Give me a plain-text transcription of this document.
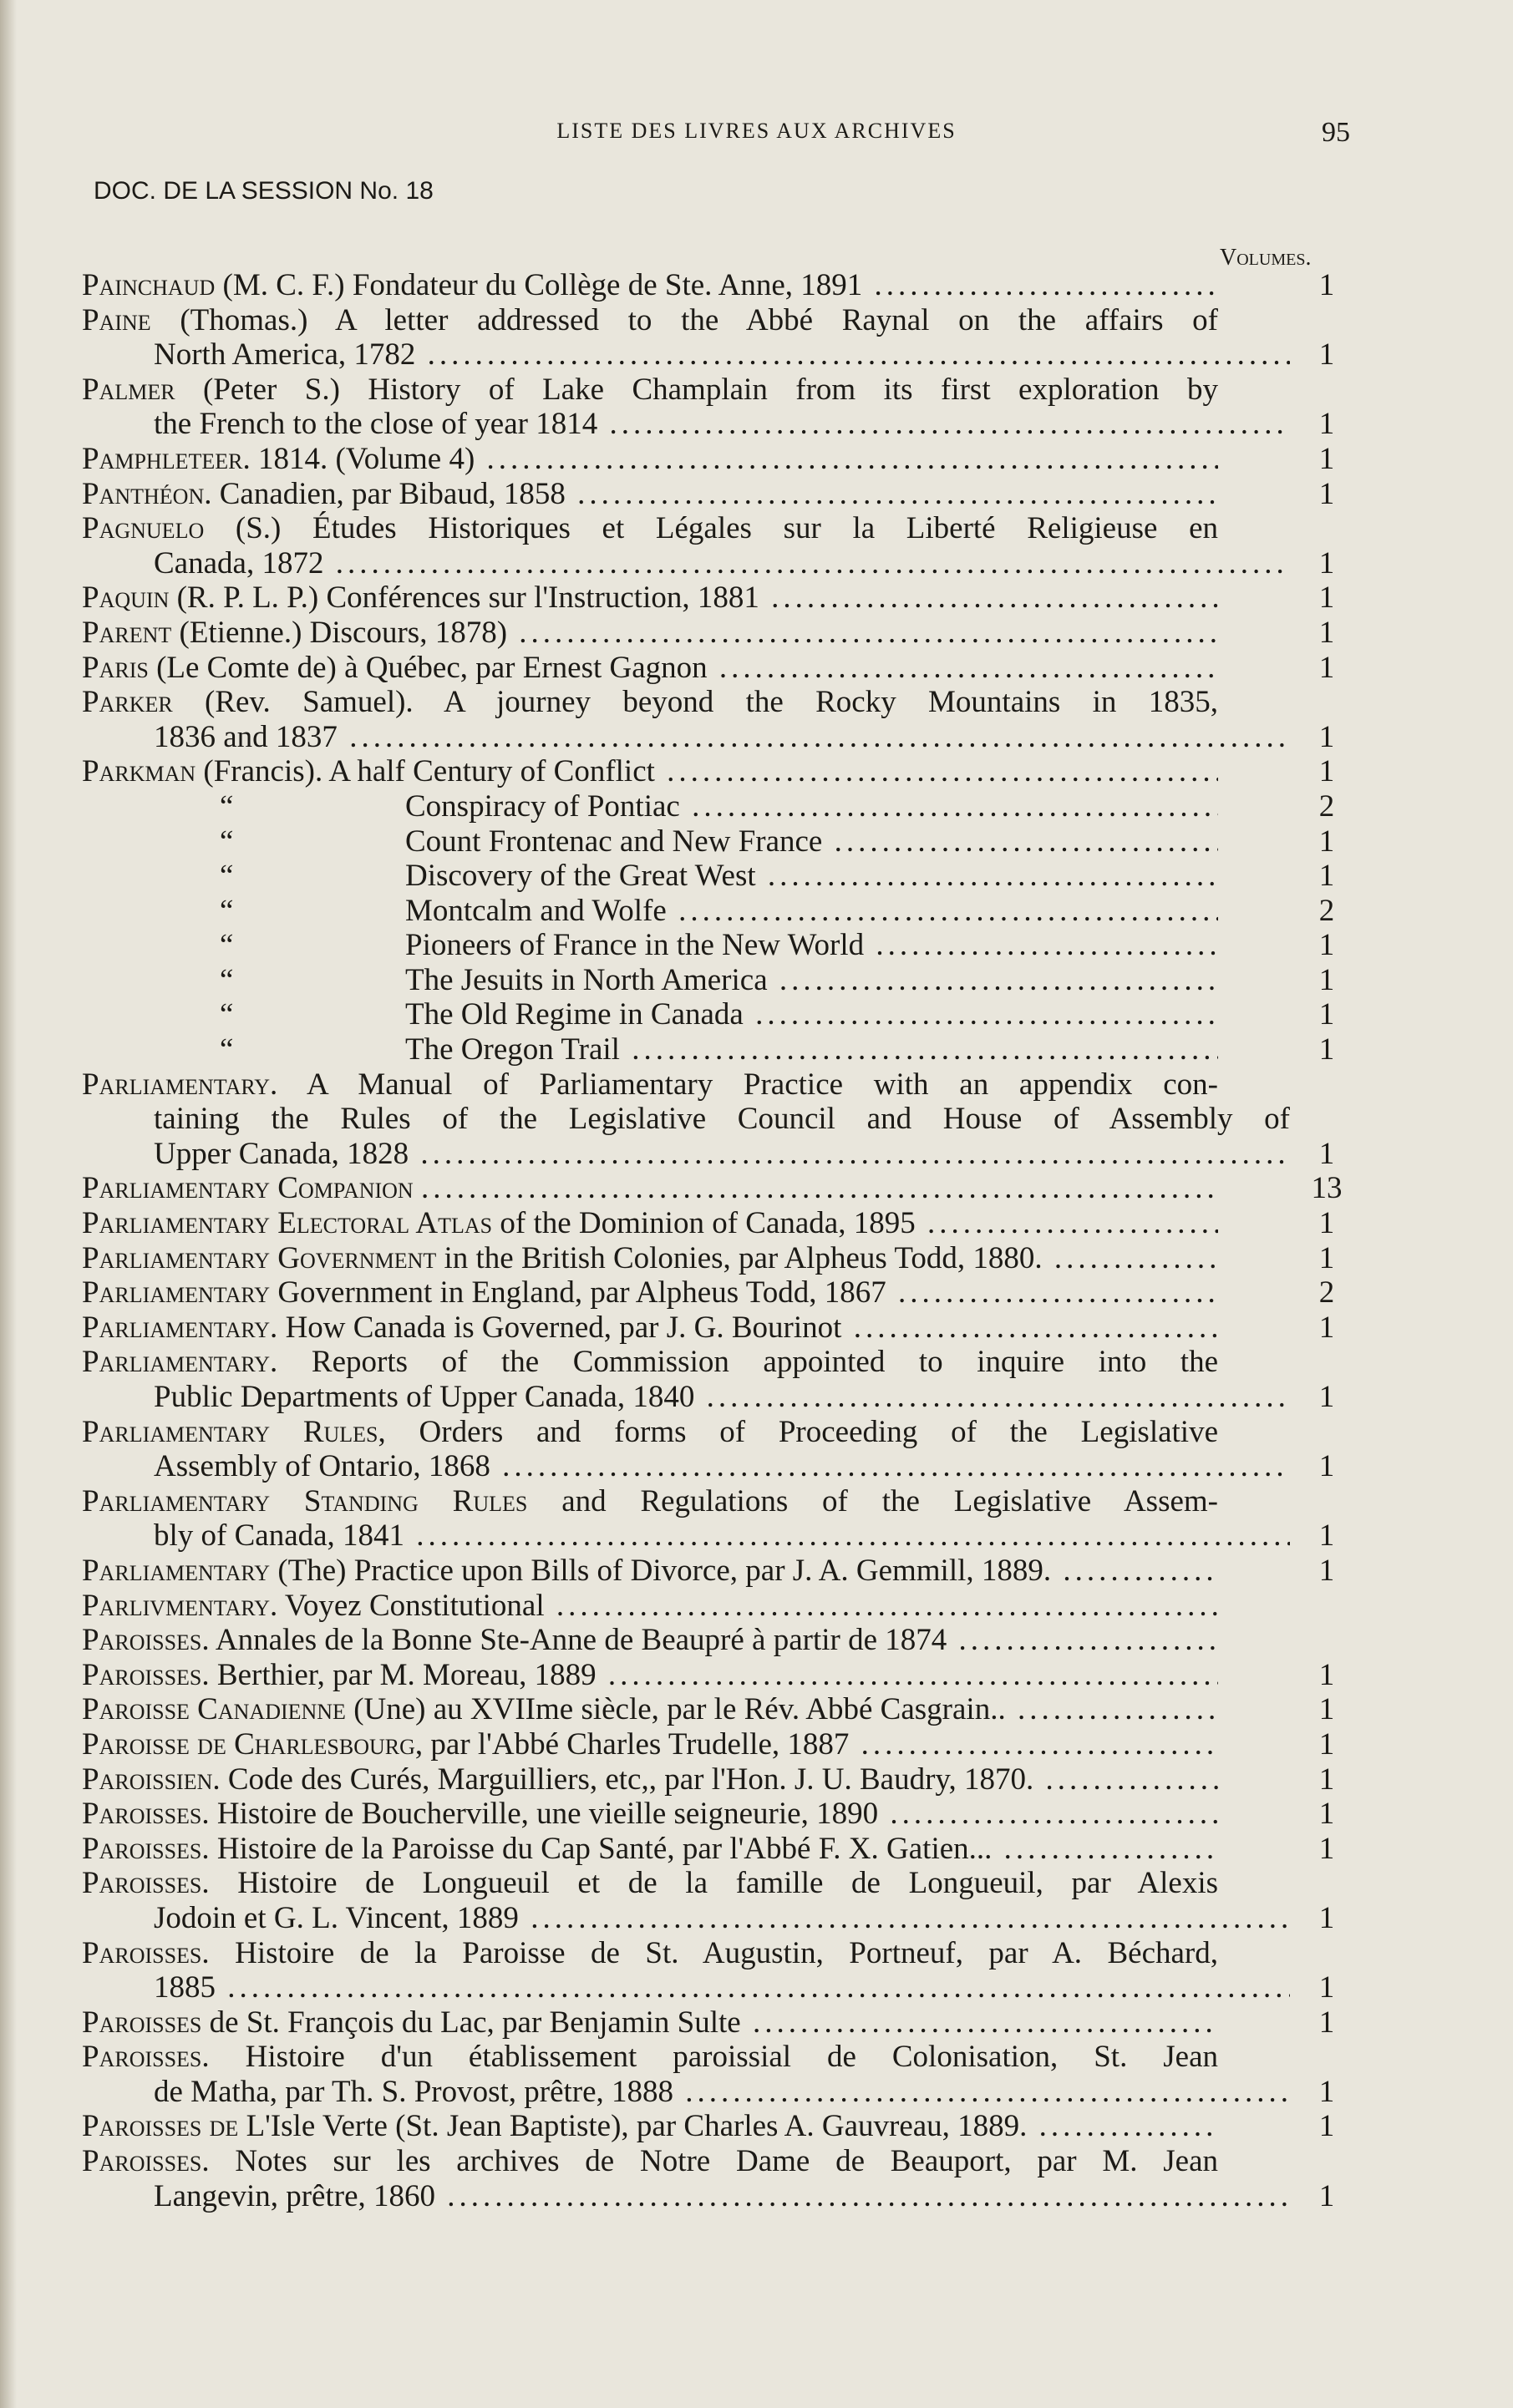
LISTE DES LIVRES AUX ARCHIVES	95
DOC. DE LA SESSION No. 18
Volumes.
Painchaud (M. C. F.) Fondateur du Collège de Ste. Anne, 1891 .....	1
Paine (Thomas.) A letter addressed to the Abbé Raynal on the affairs of
North America, 1782 .....	1
Palmer (Peter S.) History of Lake Champlain from its first exploration by
the French to the close of year 1814 .....	1
Pamphleteer. 1814. (Volume 4) .....	1
Panthéon. Canadien, par Bibaud, 1858 .....	1
Pagnuelo (S.) Études Historiques et Légales sur la Liberté Religieuse en
Canada, 1872 .....	1
Paquin (R. P. L. P.) Conférences sur l'Instruction, 1881 .....	1
Parent (Etienne.) Discours, 1878) .....	1
Paris (Le Comte de) à Québec, par Ernest Gagnon .....	1
Parker (Rev. Samuel). A journey beyond the Rocky Mountains in 1835,
1836 and 1837 .....	1
Parkman (Francis). A half Century of Conflict .....	1
“	Conspiracy of Pontiac .....	2
“	Count Frontenac and New France .....	1
“	Discovery of the Great West .....	1
“	Montcalm and Wolfe .....	2
“	Pioneers of France in the New World .....	1
“	The Jesuits in North America .....	1
“	The Old Regime in Canada .....	1
“	The Oregon Trail .....	1
Parliamentary. A Manual of Parliamentary Practice with an appendix con-
taining the Rules of the Legislative Council and House of Assembly of
Upper Canada, 1828 .....	1
Parliamentary Companion .....	13
Parliamentary Electoral Atlas of the Dominion of Canada, 1895 .....	1
Parliamentary Government in the British Colonies, par Alpheus Todd, 1880. .....	1
Parliamentary Government in England, par Alpheus Todd, 1867 .....	2
Parliamentary. How Canada is Governed, par J. G. Bourinot .....	1
Parliamentary. Reports of the Commission appointed to inquire into the
Public Departments of Upper Canada, 1840 .....	1
Parliamentary Rules, Orders and forms of Proceeding of the Legislative
Assembly of Ontario, 1868 .....	1
Parliamentary Standing Rules and Regulations of the Legislative Assem-
bly of Canada, 1841 .....	1
Parliamentary (The) Practice upon Bills of Divorce, par J. A. Gemmill, 1889. .....	1
Parlivmentary. Voyez Constitutional .....
Paroisses. Annales de la Bonne Ste-Anne de Beaupré à partir de 1874 .....
Paroisses. Berthier, par M. Moreau, 1889 .....	1
Paroisse Canadienne (Une) au XVIIme siècle, par le Rév. Abbé Casgrain.. .....	1
Paroisse de Charlesbourg, par l'Abbé Charles Trudelle, 1887 .....	1
Paroissien. Code des Curés, Marguilliers, etc,, par l'Hon. J. U. Baudry, 1870. .....	1
Paroisses. Histoire de Boucherville, une vieille seigneurie, 1890 .....	1
Paroisses. Histoire de la Paroisse du Cap Santé, par l'Abbé F. X. Gatien... .....	1
Paroisses. Histoire de Longueuil et de la famille de Longueuil, par Alexis
Jodoin et G. L. Vincent, 1889 .....	1
Paroisses. Histoire de la Paroisse de St. Augustin, Portneuf, par A. Béchard,
1885 .....	1
Paroisses de St. François du Lac, par Benjamin Sulte .....	1
Paroisses. Histoire d'un établissement paroissial de Colonisation, St. Jean
de Matha, par Th. S. Provost, prêtre, 1888 .....	1
Paroisses de L'Isle Verte (St. Jean Baptiste), par Charles A. Gauvreau, 1889. .....	1
Paroisses. Notes sur les archives de Notre Dame de Beauport, par M. Jean
Langevin, prêtre, 1860 .....	1
